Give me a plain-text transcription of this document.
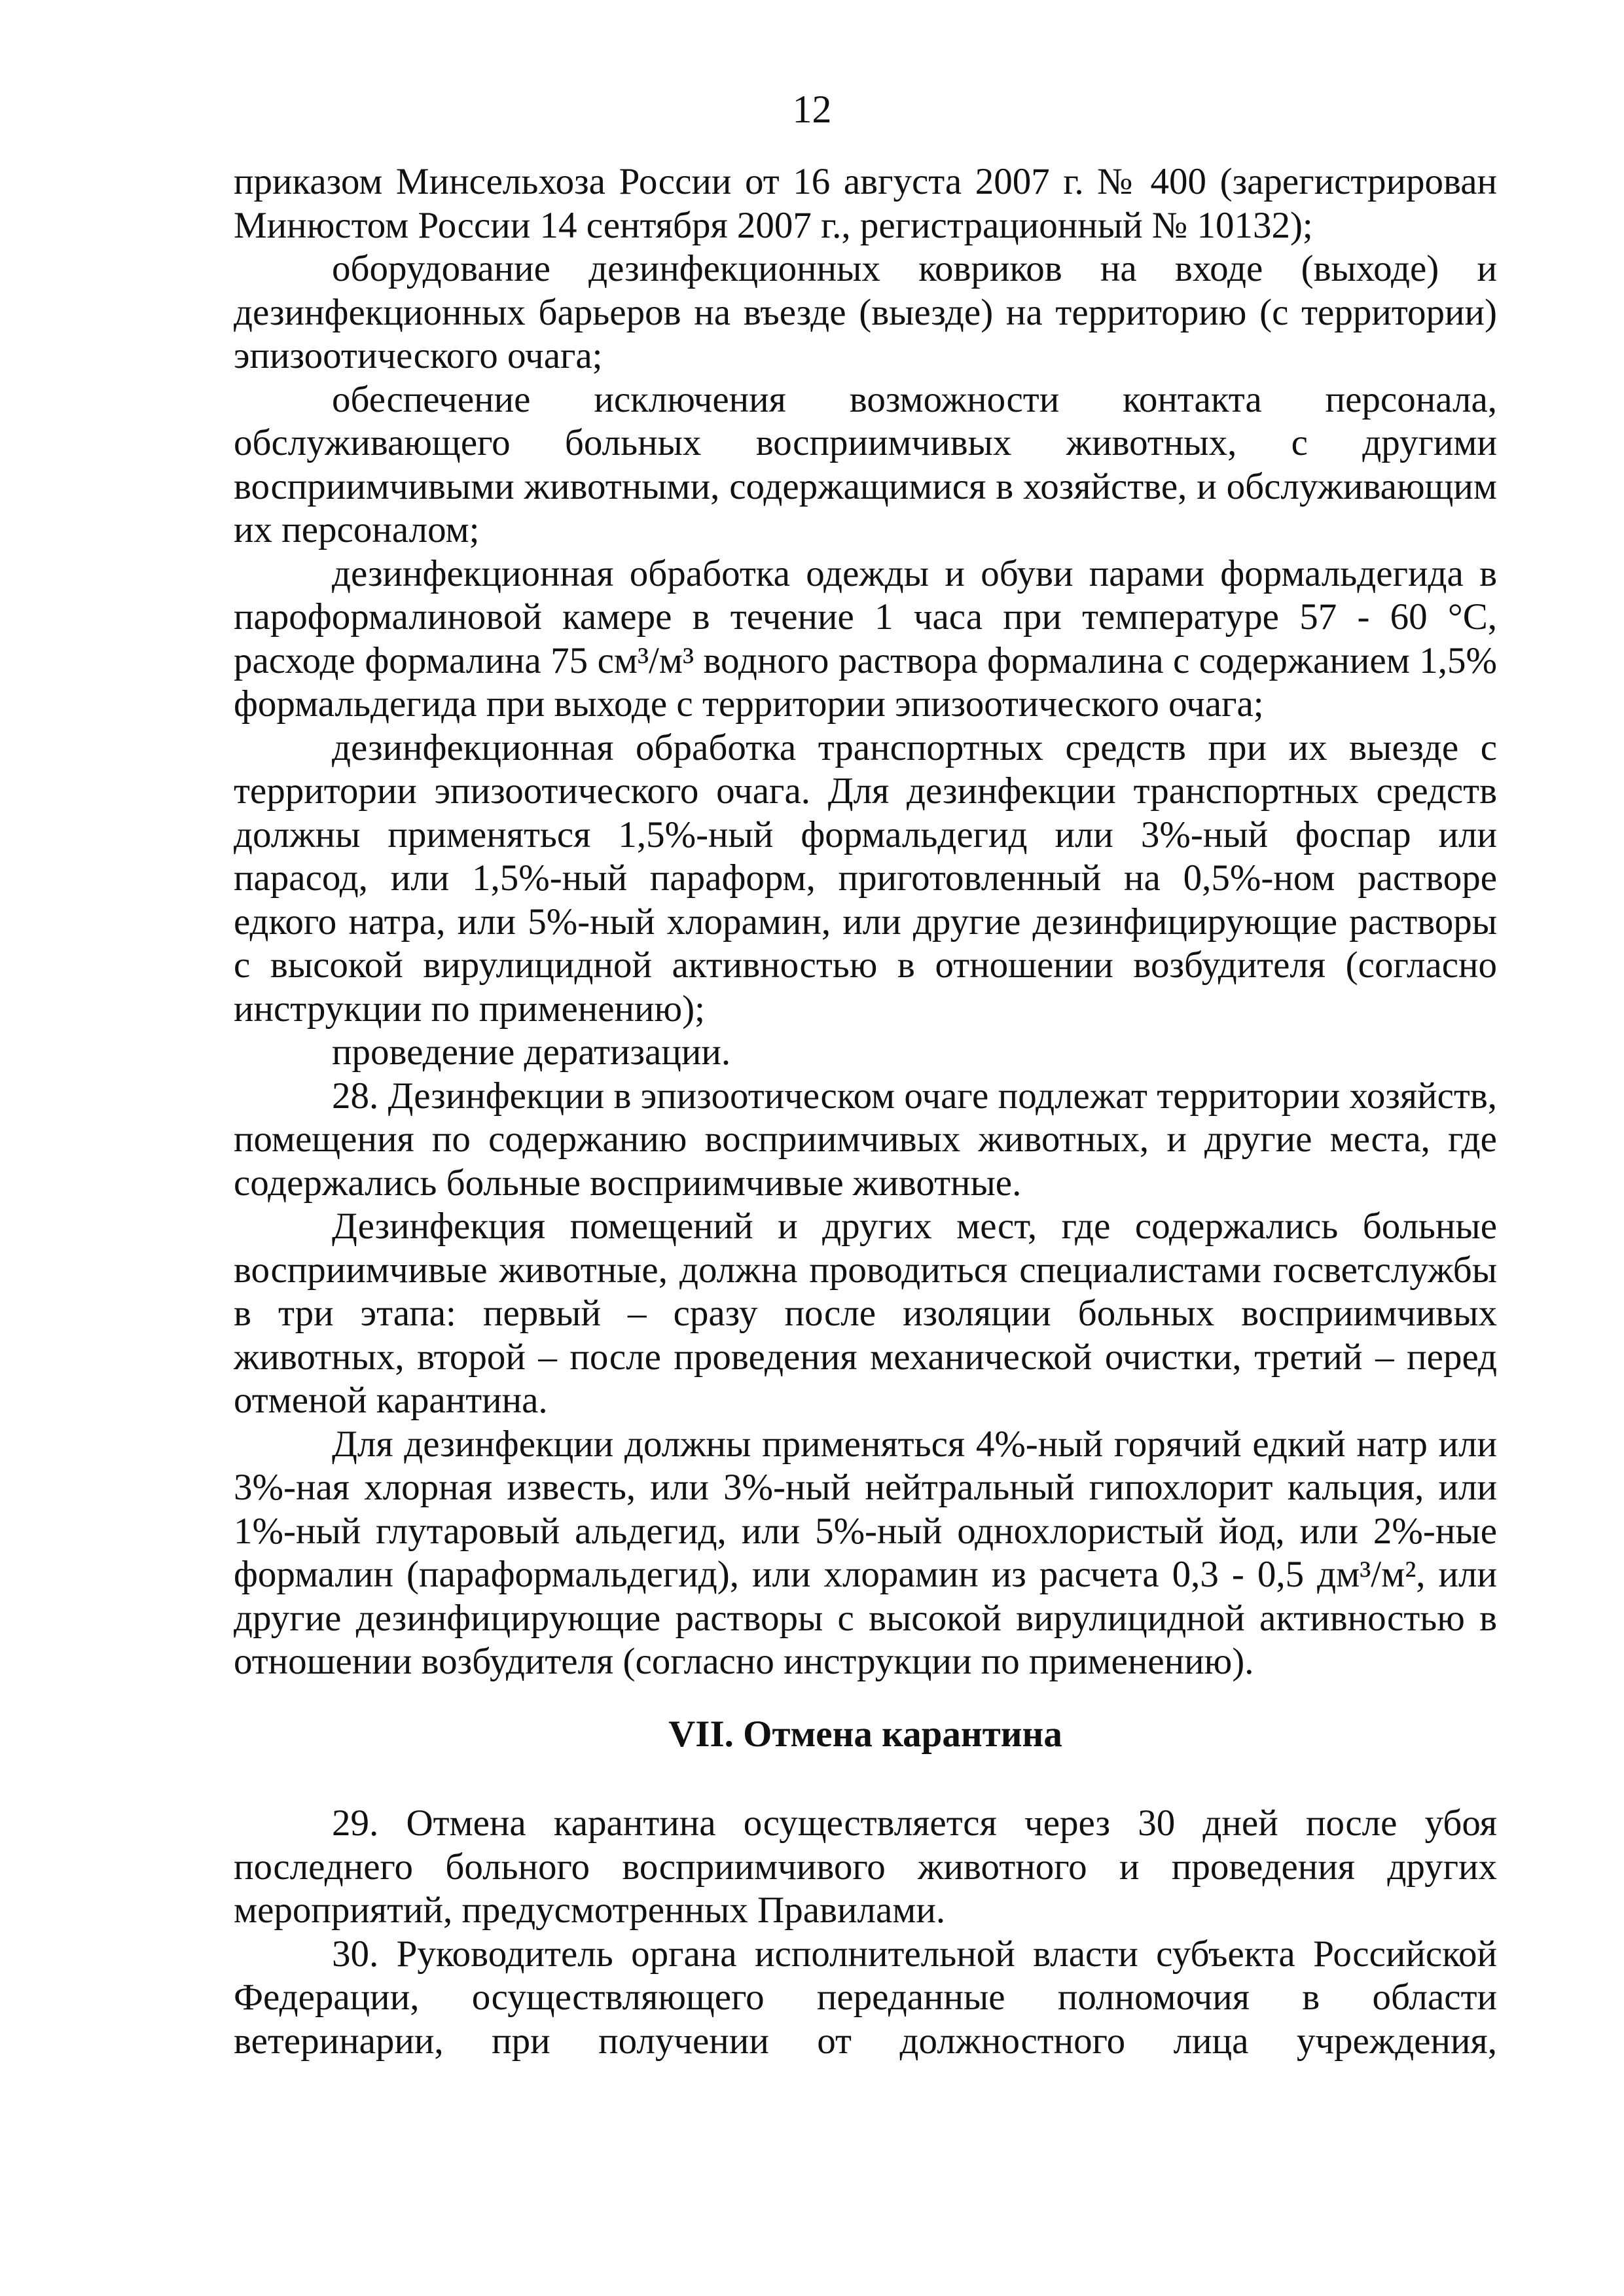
12

приказом Минсельхоза России от 16 августа 2007 г. № 400 (зарегистрирован Минюстом России 14 сентября 2007 г., регистрационный № 10132);

оборудование дезинфекционных ковриков на входе (выходе) и дезинфекционных барьеров на въезде (выезде) на территорию (с территории) эпизоотического очага;

обеспечение исключения возможности контакта персонала, обслуживающего больных восприимчивых животных, с другими восприимчивыми животными, содержащимися в хозяйстве, и обслуживающим их персоналом;

дезинфекционная обработка одежды и обуви парами формальдегида в пароформалиновой камере в течение 1 часа при температуре 57 - 60 °С, расходе формалина 75 см³/м³ водного раствора формалина с содержанием 1,5% формальдегида при выходе с территории эпизоотического очага;

дезинфекционная обработка транспортных средств при их выезде с территории эпизоотического очага. Для дезинфекции транспортных средств должны применяться 1,5%-ный формальдегид или 3%-ный фоспар или парасод, или 1,5%-ный параформ, приготовленный на 0,5%-ном растворе едкого натра, или 5%-ный хлорамин, или другие дезинфицирующие растворы с высокой вирулицидной активностью в отношении возбудителя (согласно инструкции по применению);

проведение дератизации.

28. Дезинфекции в эпизоотическом очаге подлежат территории хозяйств, помещения по содержанию восприимчивых животных, и другие места, где содержались больные восприимчивые животные.

Дезинфекция помещений и других мест, где содержались больные восприимчивые животные, должна проводиться специалистами госветслужбы в три этапа: первый – сразу после изоляции больных восприимчивых животных, второй – после проведения механической очистки, третий – перед отменой карантина.

Для дезинфекции должны применяться 4%-ный горячий едкий натр или 3%-ная хлорная известь, или 3%-ный нейтральный гипохлорит кальция, или 1%-ный глутаровый альдегид, или 5%-ный однохлористый йод, или 2%-ные формалин (параформальдегид), или хлорамин из расчета 0,3 - 0,5 дм³/м², или другие дезинфицирующие растворы с высокой вирулицидной активностью в отношении возбудителя (согласно инструкции по применению).

VII. Отмена карантина

29. Отмена карантина осуществляется через 30 дней после убоя последнего больного восприимчивого животного и проведения других мероприятий, предусмотренных Правилами.

30. Руководитель органа исполнительной власти субъекта Российской Федерации, осуществляющего переданные полномочия в области ветеринарии, при получении от должностного лица учреждения,
